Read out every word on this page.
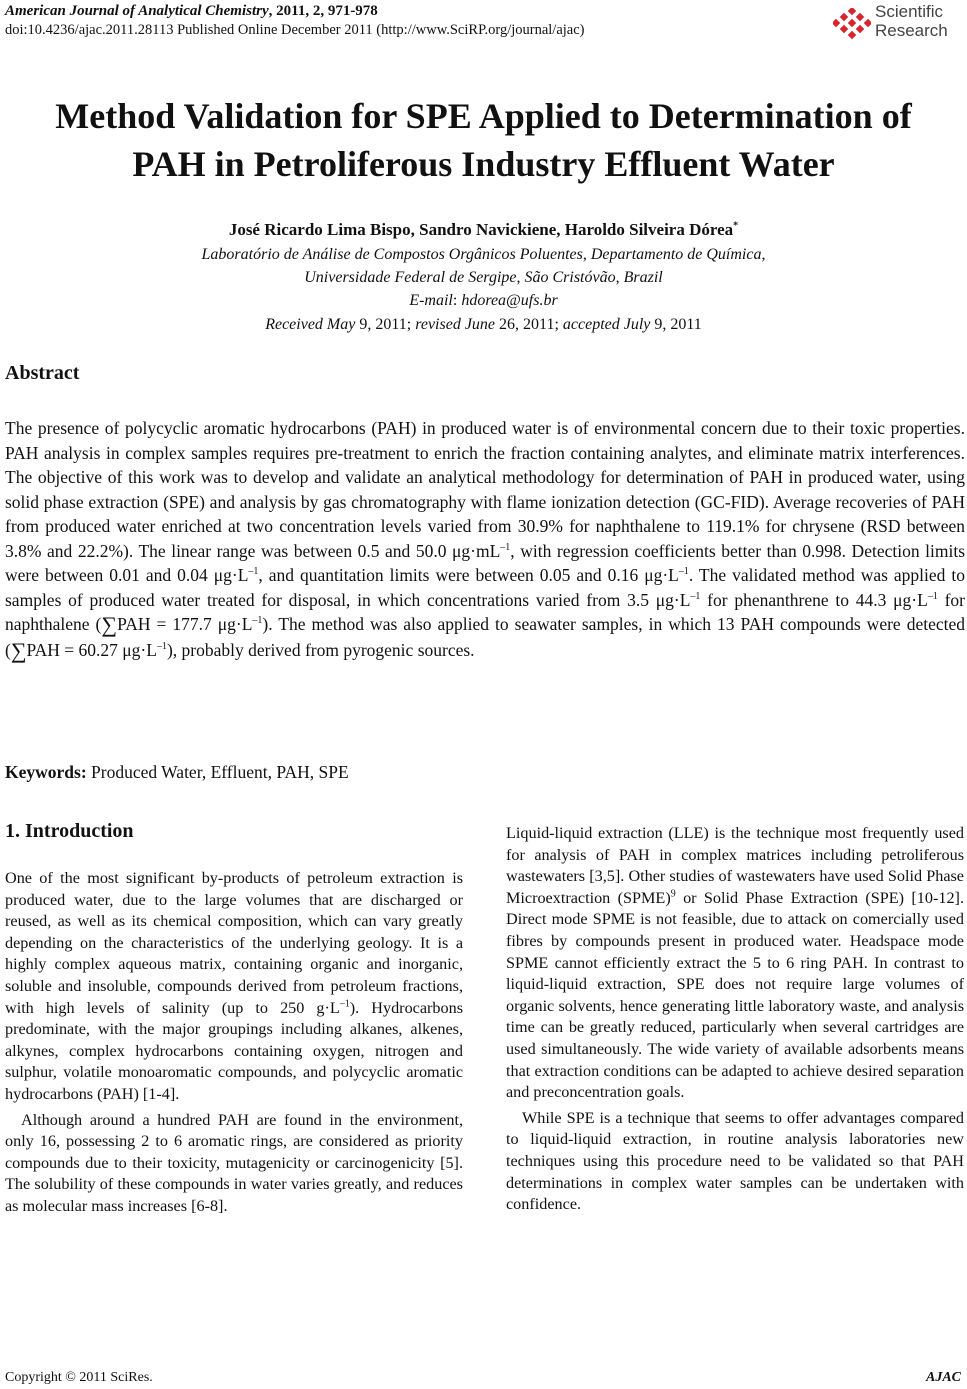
American Journal of Analytical Chemistry, 2011, 2, 971-978
doi:10.4236/ajac.2011.28113 Published Online December 2011 (http://www.SciRP.org/journal/ajac)
Scientific
Research
Method Validation for SPE Applied to Determination of
PAH in Petroliferous Industry Effluent Water
José Ricardo Lima Bispo, Sandro Navickiene, Haroldo Silveira Dórea*
Laboratório de Análise de Compostos Orgânicos Poluentes, Departamento de Química,
Universidade Federal de Sergipe, São Cristóvão, Brazil
E-mail: hdorea@ufs.br
Received May 9, 2011; revised June 26, 2011; accepted July 9, 2011
Abstract

The presence of polycyclic aromatic hydrocarbons (PAH) in produced water is of environmental concern due to their toxic properties. PAH analysis in complex samples requires pre-treatment to enrich the fraction containing analytes, and eliminate matrix interferences. The objective of this work was to develop and validate an analytical methodology for determination of PAH in produced water, using solid phase extraction (SPE) and analysis by gas chromatography with flame ionization detection (GC-FID). Average recoveries of PAH from produced water enriched at two concentration levels varied from 30.9% for naphthalene to 119.1% for chrysene (RSD between 3.8% and 22.2%). The linear range was between 0.5 and 50.0 $\mu g\cdot mL^{-1}$, with regression coefficients better than 0.998. Detection limits were between 0.01 and 0.04 $\mu g\cdot L^{-1}$, and quantitation limits were between 0.05 and 0.16 $\mu g\cdot L^{-1}$. The validated method was applied to samples of produced water treated for disposal, in which concentrations varied from 3.5 $\mu g\cdot L^{-1}$ for phenanthrene to 44.3 $\mu g\cdot L^{-1}$ for naphthalene (∑PAH = 177.7 $\mu g\cdot L^{-1}$). The method was also applied to seawater samples, in which 13 PAH compounds were detected (∑PAH = 60.27 $\mu g\cdot L^{-1}$), probably derived from pyrogenic sources.

Keywords: Produced Water, Effluent, PAH, SPE
1. Introduction

One of the most significant by-products of petroleum extraction is produced water, due to the large volumes that are discharged or reused, as well as its chemical composition, which can vary greatly depending on the characteristics of the underlying geology. It is a highly complex aqueous matrix, containing organic and inorganic, soluble and insoluble, compounds derived from petroleum fractions, with high levels of salinity (up to 250 $g\cdot L^{-1}$). Hydrocarbons predominate, with the major groupings including alkanes, alkenes, alkynes, complex hydrocarbons containing oxygen, nitrogen and sulphur, volatile monoaromatic compounds, and polycyclic aromatic hydrocarbons (PAH) [1-4].

Although around a hundred PAH are found in the environment, only 16, possessing 2 to 6 aromatic rings, are considered as priority compounds due to their toxicity, mutagenicity or carcinogenicity [5]. The solubility of these compounds in water varies greatly, and reduces as molecular mass increases [6-8].

Liquid-liquid extraction (LLE) is the technique most frequently used for analysis of PAH in complex matrices including petroliferous wastewaters [3,5]. Other studies of wastewaters have used Solid Phase Microextraction (SPME)$^9$ or Solid Phase Extraction (SPE) [10-12]. Direct mode SPME is not feasible, due to attack on comercially used fibres by compounds present in produced water. Headspace mode SPME cannot efficiently extract the 5 to 6 ring PAH. In contrast to liquid-liquid extraction, SPE does not require large volumes of organic solvents, hence generating little laboratory waste, and analysis time can be greatly reduced, particularly when several cartridges are used simultaneously. The wide variety of available adsorbents means that extraction conditions can be adapted to achieve desired separation and preconcentration goals.

While SPE is a technique that seems to offer advantages compared to liquid-liquid extraction, in routine analysis laboratories new techniques using this procedure need to be validated so that PAH determinations in complex water samples can be undertaken with confidence.

Copyright © 2011 SciRes.	AJAC
